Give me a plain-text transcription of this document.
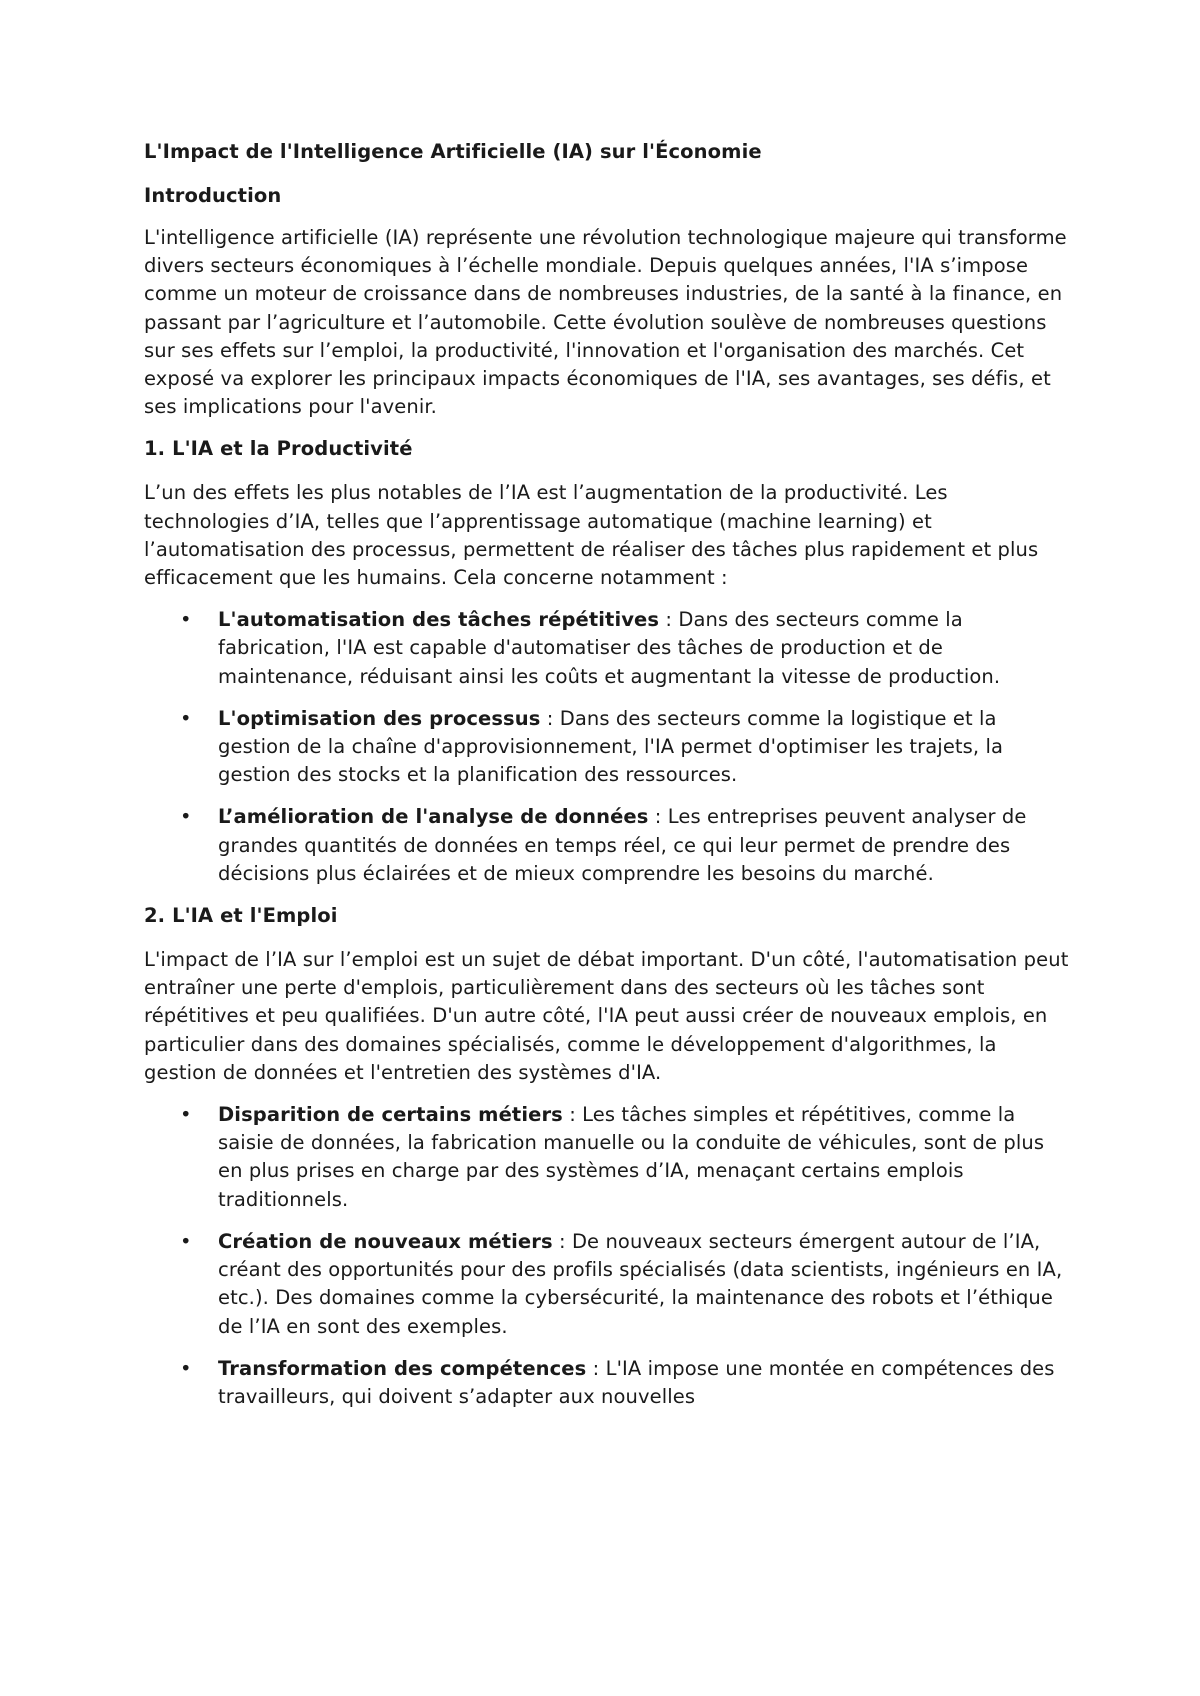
L'Impact de l'Intelligence Artificielle (IA) sur l'Économie
Introduction

L'intelligence artificielle (IA) représente une révolution technologique majeure qui transforme divers secteurs économiques à l’échelle mondiale. Depuis quelques années, l'IA s’impose comme un moteur de croissance dans de nombreuses industries, de la santé à la finance, en passant par l’agriculture et l’automobile. Cette évolution soulève de nombreuses questions sur ses effets sur l’emploi, la productivité, l'innovation et l'organisation des marchés. Cet exposé va explorer les principaux impacts économiques de l'IA, ses avantages, ses défis, et ses implications pour l'avenir.

1. L'IA et la Productivité

L’un des effets les plus notables de l’IA est l’augmentation de la productivité. Les technologies d’IA, telles que l’apprentissage automatique (machine learning) et l’automatisation des processus, permettent de réaliser des tâches plus rapidement et plus efficacement que les humains. Cela concerne notamment :

• L'automatisation des tâches répétitives : Dans des secteurs comme la fabrication, l'IA est capable d'automatiser des tâches de production et de maintenance, réduisant ainsi les coûts et augmentant la vitesse de production.
• L'optimisation des processus : Dans des secteurs comme la logistique et la gestion de la chaîne d'approvisionnement, l'IA permet d'optimiser les trajets, la gestion des stocks et la planification des ressources.
• L’amélioration de l'analyse de données : Les entreprises peuvent analyser de grandes quantités de données en temps réel, ce qui leur permet de prendre des décisions plus éclairées et de mieux comprendre les besoins du marché.
2. L'IA et l'Emploi

L'impact de l’IA sur l’emploi est un sujet de débat important. D'un côté, l'automatisation peut entraîner une perte d'emplois, particulièrement dans des secteurs où les tâches sont répétitives et peu qualifiées. D'un autre côté, l'IA peut aussi créer de nouveaux emplois, en particulier dans des domaines spécialisés, comme le développement d'algorithmes, la gestion de données et l'entretien des systèmes d'IA.

• Disparition de certains métiers : Les tâches simples et répétitives, comme la saisie de données, la fabrication manuelle ou la conduite de véhicules, sont de plus en plus prises en charge par des systèmes d’IA, menaçant certains emplois traditionnels.
• Création de nouveaux métiers : De nouveaux secteurs émergent autour de l’IA, créant des opportunités pour des profils spécialisés (data scientists, ingénieurs en IA, etc.). Des domaines comme la cybersécurité, la maintenance des robots et l’éthique de l’IA en sont des exemples.
• Transformation des compétences : L'IA impose une montée en compétences des travailleurs, qui doivent s’adapter aux nouvelles
